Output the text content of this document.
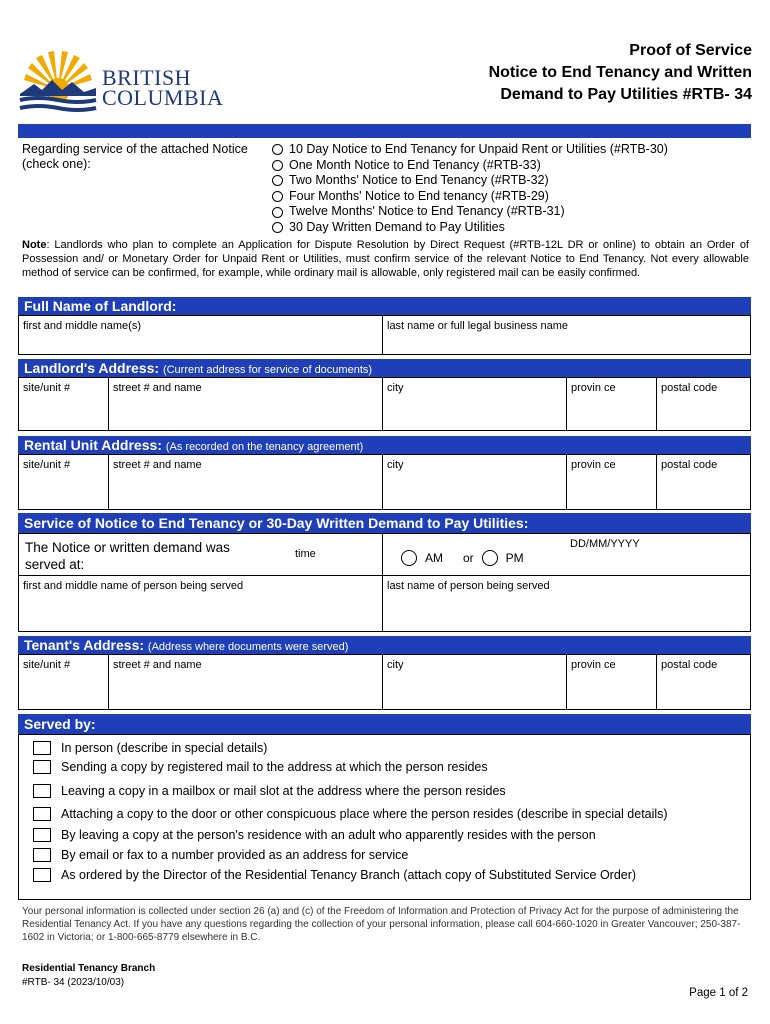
BRITISH
COLUMBIA
Proof of Service
Notice to End Tenancy and Written
Demand to Pay Utilities #RTB- 34
Regarding service of the attached Notice (check one):
10 Day Notice to End Tenancy for Unpaid Rent or Utilities (#RTB-30)
One Month Notice to End Tenancy (#RTB-33)
Two Months' Notice to End Tenancy (#RTB-32)
Four Months' Notice to End tenancy (#RTB-29)
Twelve Months' Notice to End Tenancy (#RTB-31)
30 Day Written Demand to Pay Utilities
Note: Landlords who plan to complete an Application for Dispute Resolution by Direct Request (#RTB-12L DR or online) to obtain an Order of Possession and/ or Monetary Order for Unpaid Rent or Utilities, must confirm service of the relevant Notice to End Tenancy. Not every allowable method of service can be confirmed, for example, while ordinary mail is allowable, only registered mail can be easily confirmed.
Full Name of Landlord:
first and middle name(s)	last name or full legal business name
Landlord's Address: (Current address for service of documents)
site/unit #	street # and name	city	provin ce	postal code
Rental Unit Address: (As recorded on the tenancy agreement)
site/unit #	street # and name	city	provin ce	postal code
Service of Notice to End Tenancy or 30-Day Written Demand to Pay Utilities:
The Notice or written demand was served at:
time	AM or	PM
DD/MM/YYYY
first and middle name of person being served	last name of person being served
Tenant's Address: (Address where documents were served)
site/unit #	street # and name	city	provin ce	postal code
Served by:
In person (describe in special details)
Sending a copy by registered mail to the address at which the person resides
Leaving a copy in a mailbox or mail slot at the address where the person resides
Attaching a copy to the door or other conspicuous place where the person resides (describe in special details)
By leaving a copy at the person's residence with an adult who apparently resides with the person
By email or fax to a number provided as an address for service
As ordered by the Director of the Residential Tenancy Branch (attach copy of Substituted Service Order)
Your personal information is collected under section 26 (a) and (c) of the Freedom of Information and Protection of Privacy Act for the purpose of administering the Residential Tenancy Act. If you have any questions regarding the collection of your personal information, please call 604-660-1020 in Greater Vancouver; 250-387-1602 in Victoria; or 1-800-665-8779 elsewhere in B.C.
Residential Tenancy Branch
#RTB- 34 (2023/10/03)
Page 1 of 2
